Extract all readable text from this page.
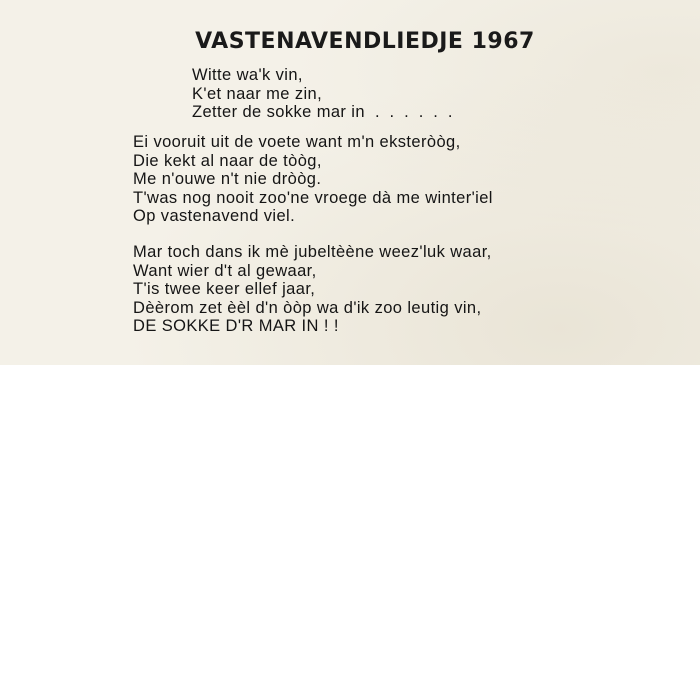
VASTENAVENDLIEDJE 1967
Witte wa'k vin,
K'et naar me zin,
Zetter de sokke mar in ......
Ei vooruit uit de voete want m'n eksteròòg,
Die kekt al naar de tòòg,
Me n'ouwe n't nie dròòg.
T'was nog nooit zoo'ne vroege dà me winter'iel
Op vastenavend viel.
Mar toch dans ik mè jubeltèène weez'luk waar,
Want wier d't al gewaar,
T'is twee keer ellef jaar,
Dèèrom zet èèl d'n òòp wa d'ik zoo leutig vin,
DE SOKKE D'R MAR IN ! !
